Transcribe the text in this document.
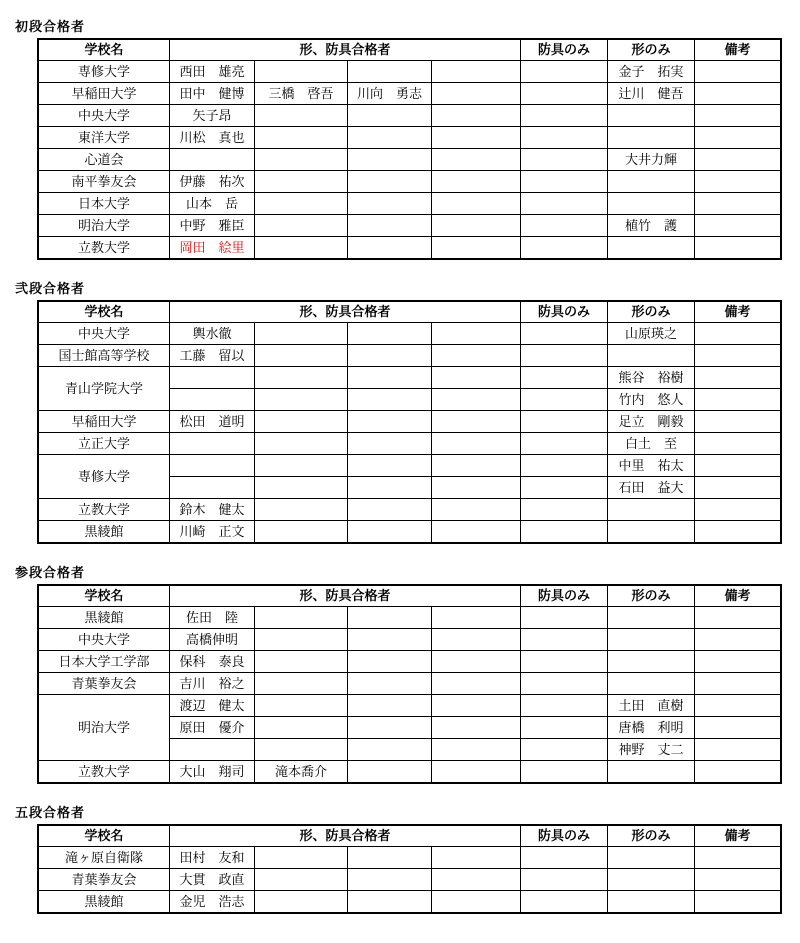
初段合格者
学校名	形、防具合格者				防具のみ	形のみ	備考
専修大学	西田　雄亮					金子　拓実	
早稲田大学	田中　健博	三橋　啓吾	川向　勇志			辻川　健吾	
中央大学	矢子昂						
東洋大学	川松　真也						
心道会						大井力輝	
南平拳友会	伊藤　祐次						
日本大学	山本　岳						
明治大学	中野　雅臣					植竹　護	
立教大学	岡田　絵里						
弐段合格者
学校名	形、防具合格者				防具のみ	形のみ	備考
中央大学	輿水徹					山原瑛之	
国士館高等学校	工藤　留以						
青山学院大学						熊谷　裕樹	
						竹内　悠人	
早稲田大学	松田　道明					足立　剛毅	
立正大学						白土　至	
専修大学						中里　祐太	
						石田　益大	
立教大学	鈴木　健太						
黒綾館	川崎　正文						
参段合格者
学校名	形、防具合格者				防具のみ	形のみ	備考
黒綾館	佐田　陸						
中央大学	高橋伸明						
日本大学工学部	保科　泰良						
青葉拳友会	吉川　裕之						
明治大学	渡辺　健太					土田　直樹	
	原田　優介					唐橋　利明	
						神野　丈二	
立教大学	大山　翔司	滝本喬介					
五段合格者
学校名	形、防具合格者				防具のみ	形のみ	備考
滝ヶ原自衛隊	田村　友和						
青葉拳友会	大貫　政直						
黒綾館	金児　浩志						
